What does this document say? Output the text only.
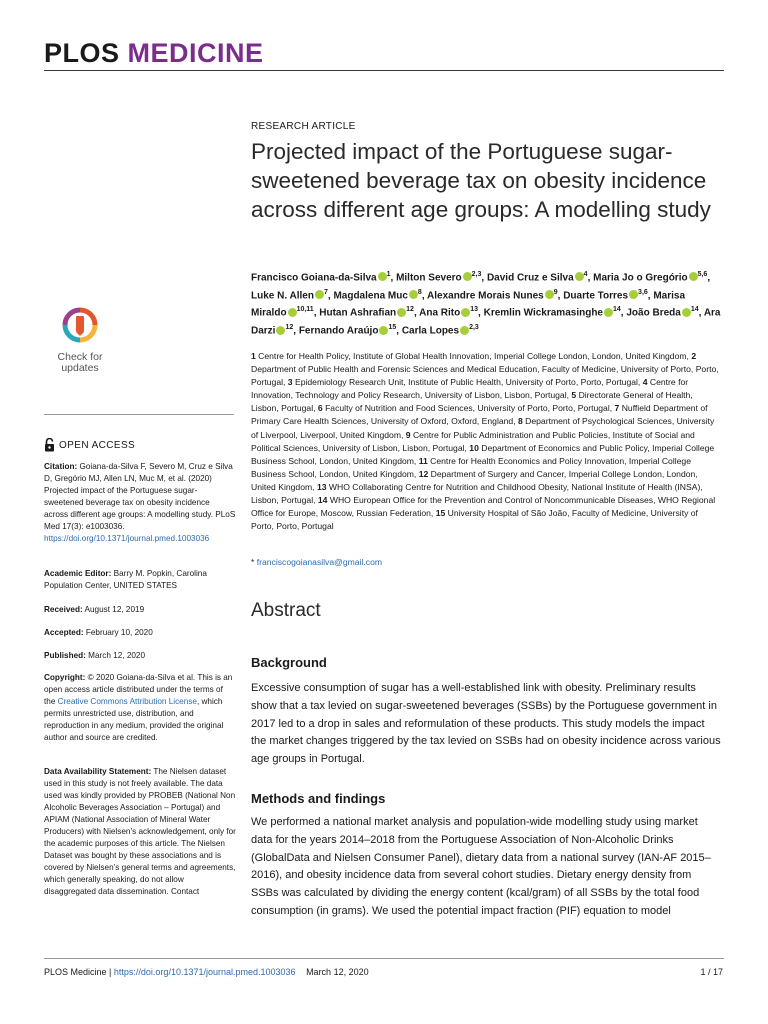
PLOS MEDICINE
Check for
updates
OPEN ACCESS
Citation: Goiana-da-Silva F, Severo M, Cruz e Silva D, Gregório MJ, Allen LN, Muc M, et al. (2020) Projected impact of the Portuguese sugar-sweetened beverage tax on obesity incidence across different age groups: A modelling study. PLoS Med 17(3): e1003036. https://doi.org/10.1371/journal.pmed.1003036
Academic Editor: Barry M. Popkin, Carolina Population Center, UNITED STATES
Received: August 12, 2019
Accepted: February 10, 2020
Published: March 12, 2020
Copyright: © 2020 Goiana-da-Silva et al. This is an open access article distributed under the terms of the Creative Commons Attribution License, which permits unrestricted use, distribution, and reproduction in any medium, provided the original author and source are credited.
Data Availability Statement: The Nielsen dataset used in this study is not freely available. The data used was kindly provided by PROBEB (National Non Alcoholic Beverages Association – Portugal) and APIAM (National Association of Mineral Water Producers) with Nielsen’s acknowledgement, only for the academic purposes of this article. The Nielsen Dataset was bought by these associations and is covered by Nielsen’s general terms and agreements, which generally speaking, do not allow disaggregated data dissemination. Contact
RESEARCH ARTICLE
Projected impact of the Portuguese sugar-sweetened beverage tax on obesity incidence across different age groups: A modelling study
Francisco Goiana-da-Silva $^1$, Milton Severo $^{2,3}$, David Cruz e Silva $^4$, Maria Jo o Gregório $^{5,6}$, Luke N. Allen $^7$, Magdalena Muc $^8$, Alexandre Morais Nunes $^9$, Duarte Torres $^{3,6}$, Marisa Miraldo $^{10,11}$, Hutan Ashrafian $^{12}$, Ana Rito $^{13}$, Kremlin Wickramasinghe $^{14}$, João Breda $^{14}$, Ara Darzi $^{12}$, Fernando Araújo $^{15}$, Carla Lopes $^{2,3}$
1 Centre for Health Policy, Institute of Global Health Innovation, Imperial College London, London, United Kingdom, 2 Department of Public Health and Forensic Sciences and Medical Education, Faculty of Medicine, University of Porto, Porto, Portugal, 3 Epidemiology Research Unit, Institute of Public Health, University of Porto, Porto, Portugal, 4 Centre for Innovation, Technology and Policy Research, University of Lisbon, Lisbon, Portugal, 5 Directorate General of Health, Lisbon, Portugal, 6 Faculty of Nutrition and Food Sciences, University of Porto, Porto, Portugal, 7 Nuffield Department of Primary Care Health Sciences, University of Oxford, Oxford, England, 8 Department of Psychological Sciences, University of Liverpool, Liverpool, United Kingdom, 9 Centre for Public Administration and Public Policies, Institute of Social and Political Sciences, University of Lisbon, Lisbon, Portugal, 10 Department of Economics and Public Policy, Imperial College Business School, London, United Kingdom, 11 Centre for Health Economics and Policy Innovation, Imperial College Business School, London, United Kingdom, 12 Department of Surgery and Cancer, Imperial College London, London, United Kingdom, 13 WHO Collaborating Centre for Nutrition and Childhood Obesity, National Institute of Health (INSA), Lisbon, Portugal, 14 WHO European Office for the Prevention and Control of Noncommunicable Diseases, WHO Regional Office for Europe, Moscow, Russian Federation, 15 University Hospital of São João, Faculty of Medicine, University of Porto, Porto, Portugal
* franciscogoianasilva@gmail.com
Abstract
Background
Excessive consumption of sugar has a well-established link with obesity. Preliminary results show that a tax levied on sugar-sweetened beverages (SSBs) by the Portuguese government in 2017 led to a drop in sales and reformulation of these products. This study models the impact the market changes triggered by the tax levied on SSBs had on obesity incidence across various age groups in Portugal.
Methods and findings
We performed a national market analysis and population-wide modelling study using market data for the years 2014–2018 from the Portuguese Association of Non-Alcoholic Drinks (GlobalData and Nielsen Consumer Panel), dietary data from a national survey (IAN-AF 2015–2016), and obesity incidence data from several cohort studies. Dietary energy density from SSBs was calculated by dividing the energy content (kcal/gram) of all SSBs by the total food consumption (in grams). We used the potential impact fraction (PIF) equation to model
PLOS Medicine | https://doi.org/10.1371/journal.pmed.1003036 March 12, 2020	1 / 17
